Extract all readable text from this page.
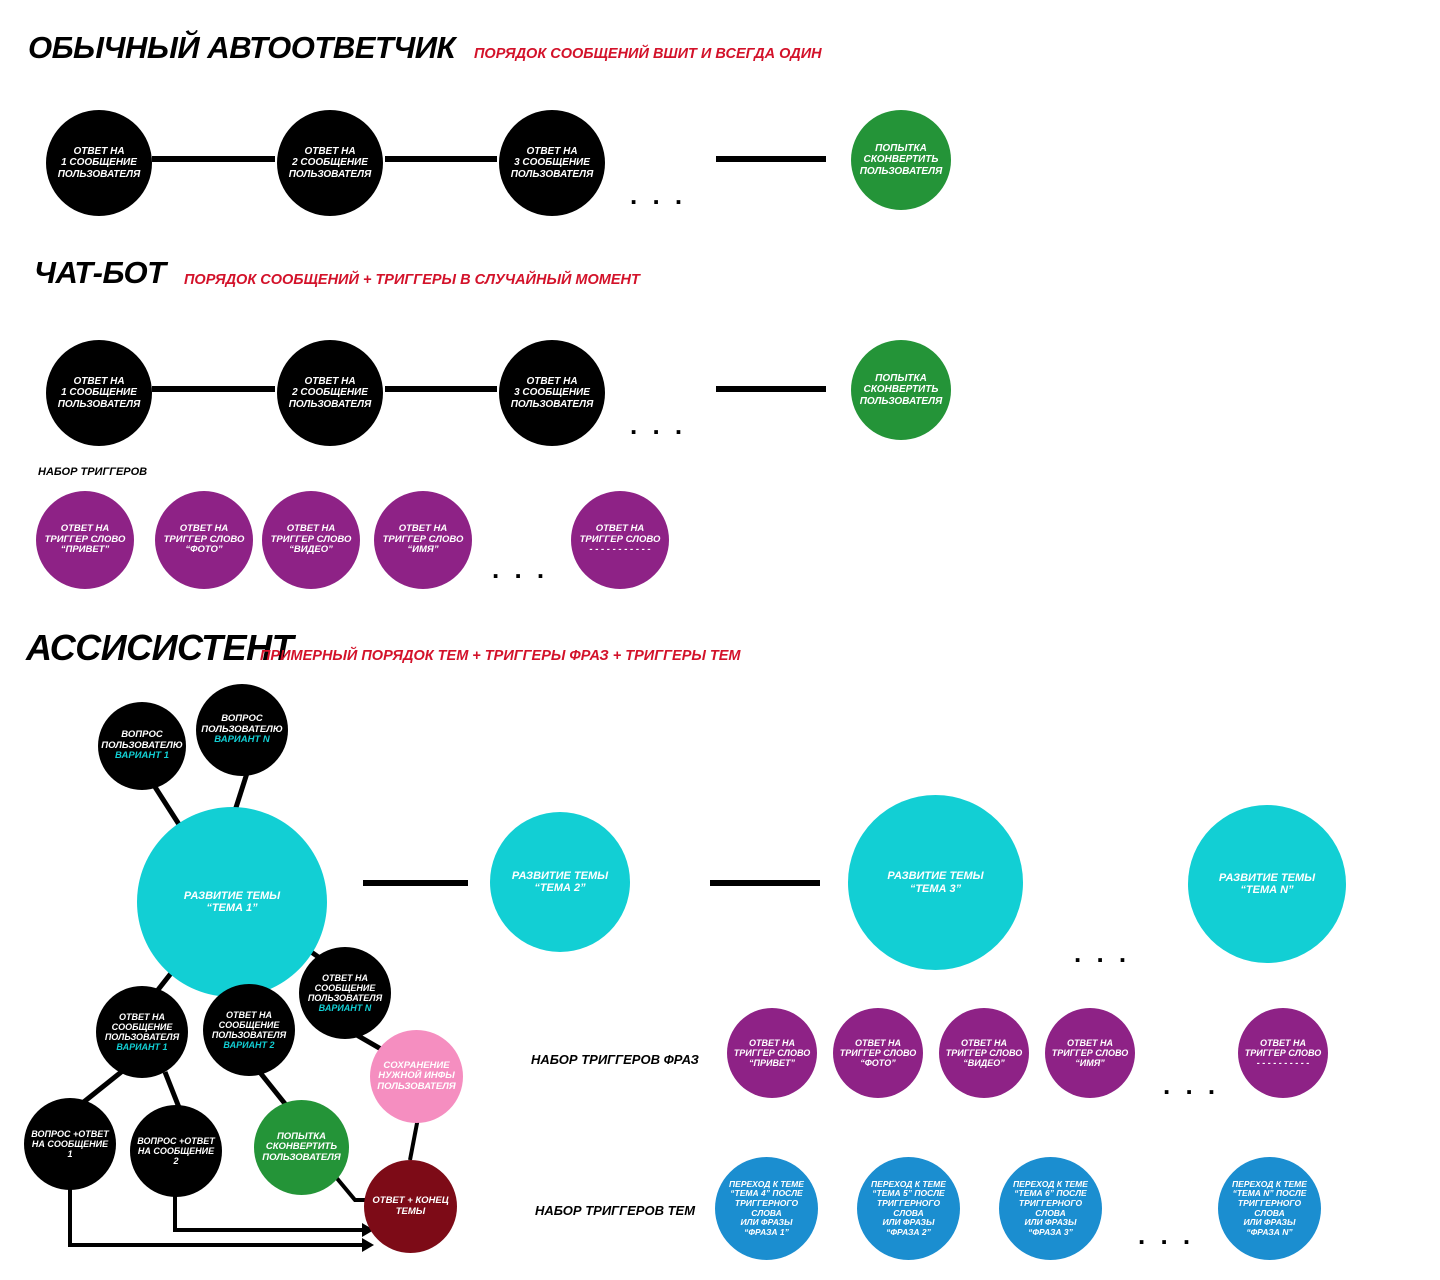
ОБЫЧНЫЙ АВТООТВЕТЧИК ПОРЯДОК СООБЩЕНИЙ ВШИТ И ВСЕГДА ОДИН
. . .
ОТВЕТ НА
1 СООБЩЕНИЕ
ПОЛЬЗОВАТЕЛЯ
ОТВЕТ НА
2 СООБЩЕНИЕ
ПОЛЬЗОВАТЕЛЯ
ОТВЕТ НА
3 СООБЩЕНИЕ
ПОЛЬЗОВАТЕЛЯ
ПОПЫТКА
СКОНВЕРТИТЬ
ПОЛЬЗОВАТЕЛЯ
ЧАТ-БОТ ПОРЯДОК СООБЩЕНИЙ + ТРИГГЕРЫ В СЛУЧАЙНЫЙ МОМЕНТ
. . .
ОТВЕТ НА
1 СООБЩЕНИЕ
ПОЛЬЗОВАТЕЛЯ
ОТВЕТ НА
2 СООБЩЕНИЕ
ПОЛЬЗОВАТЕЛЯ
ОТВЕТ НА
3 СООБЩЕНИЕ
ПОЛЬЗОВАТЕЛЯ
ПОПЫТКА
СКОНВЕРТИТЬ
ПОЛЬЗОВАТЕЛЯ
НАБОР ТРИГГЕРОВ
ОТВЕТ НА
ТРИГГЕР СЛОВО
“ПРИВЕТ”
ОТВЕТ НА
ТРИГГЕР СЛОВО
“ФОТО”
ОТВЕТ НА
ТРИГГЕР СЛОВО
“ВИДЕО”
ОТВЕТ НА
ТРИГГЕР СЛОВО
“ИМЯ”
ОТВЕТ НА
ТРИГГЕР СЛОВО
- - - - - - - - - - -
. . .
АССИСИСТЕНТ
ПРИМЕРНЫЙ ПОРЯДОК ТЕМ + ТРИГГЕРЫ ФРАЗ + ТРИГГЕРЫ ТЕМ
. . .
ВОПРОС
ПОЛЬЗОВАТЕЛЮ
ВАРИАНТ 1
ВОПРОС
ПОЛЬЗОВАТЕЛЮ
ВАРИАНТ N
РАЗВИТИЕ ТЕМЫ
“ТЕМА 1”
РАЗВИТИЕ ТЕМЫ
“ТЕМА 2”
РАЗВИТИЕ ТЕМЫ
“ТЕМА 3”
РАЗВИТИЕ ТЕМЫ
“ТЕМА N”
ОТВЕТ НА
СООБЩЕНИЕ
ПОЛЬЗОВАТЕЛЯ
ВАРИАНТ 1
ОТВЕТ НА
СООБЩЕНИЕ
ПОЛЬЗОВАТЕЛЯ
ВАРИАНТ 2
ОТВЕТ НА
СООБЩЕНИЕ
ПОЛЬЗОВАТЕЛЯ
ВАРИАНТ N
ВОПРОС +ОТВЕТ
НА СООБЩЕНИЕ
1
ВОПРОС +ОТВЕТ
НА СООБЩЕНИЕ
2
ПОПЫТКА
СКОНВЕРТИТЬ
ПОЛЬЗОВАТЕЛЯ
СОХРАНЕНИЕ
НУЖНОЙ ИНФЫ
ПОЛЬЗОВАТЕЛЯ
ОТВЕТ + КОНЕЦ
ТЕМЫ
НАБОР ТРИГГЕРОВ ФРАЗ
ОТВЕТ НА
ТРИГГЕР СЛОВО
“ПРИВЕТ”
ОТВЕТ НА
ТРИГГЕР СЛОВО
“ФОТО”
ОТВЕТ НА
ТРИГГЕР СЛОВО
“ВИДЕО”
ОТВЕТ НА
ТРИГГЕР СЛОВО
“ИМЯ”
ОТВЕТ НА
ТРИГГЕР СЛОВО
- - - - - - - - - -
. . .
НАБОР ТРИГГЕРОВ ТЕМ
ПЕРЕХОД К ТЕМЕ
“ТЕМА 4” ПОСЛЕ
ТРИГГЕРНОГО СЛОВА
ИЛИ ФРАЗЫ
“ФРАЗА 1”
ПЕРЕХОД К ТЕМЕ
“ТЕМА 5” ПОСЛЕ
ТРИГГЕРНОГО СЛОВА
ИЛИ ФРАЗЫ
“ФРАЗА 2”
ПЕРЕХОД К ТЕМЕ
“ТЕМА 6” ПОСЛЕ
ТРИГГЕРНОГО СЛОВА
ИЛИ ФРАЗЫ
“ФРАЗА 3”
ПЕРЕХОД К ТЕМЕ
“ТЕМА N” ПОСЛЕ
ТРИГГЕРНОГО СЛОВА
ИЛИ ФРАЗЫ
“ФРАЗА N”
. . .
